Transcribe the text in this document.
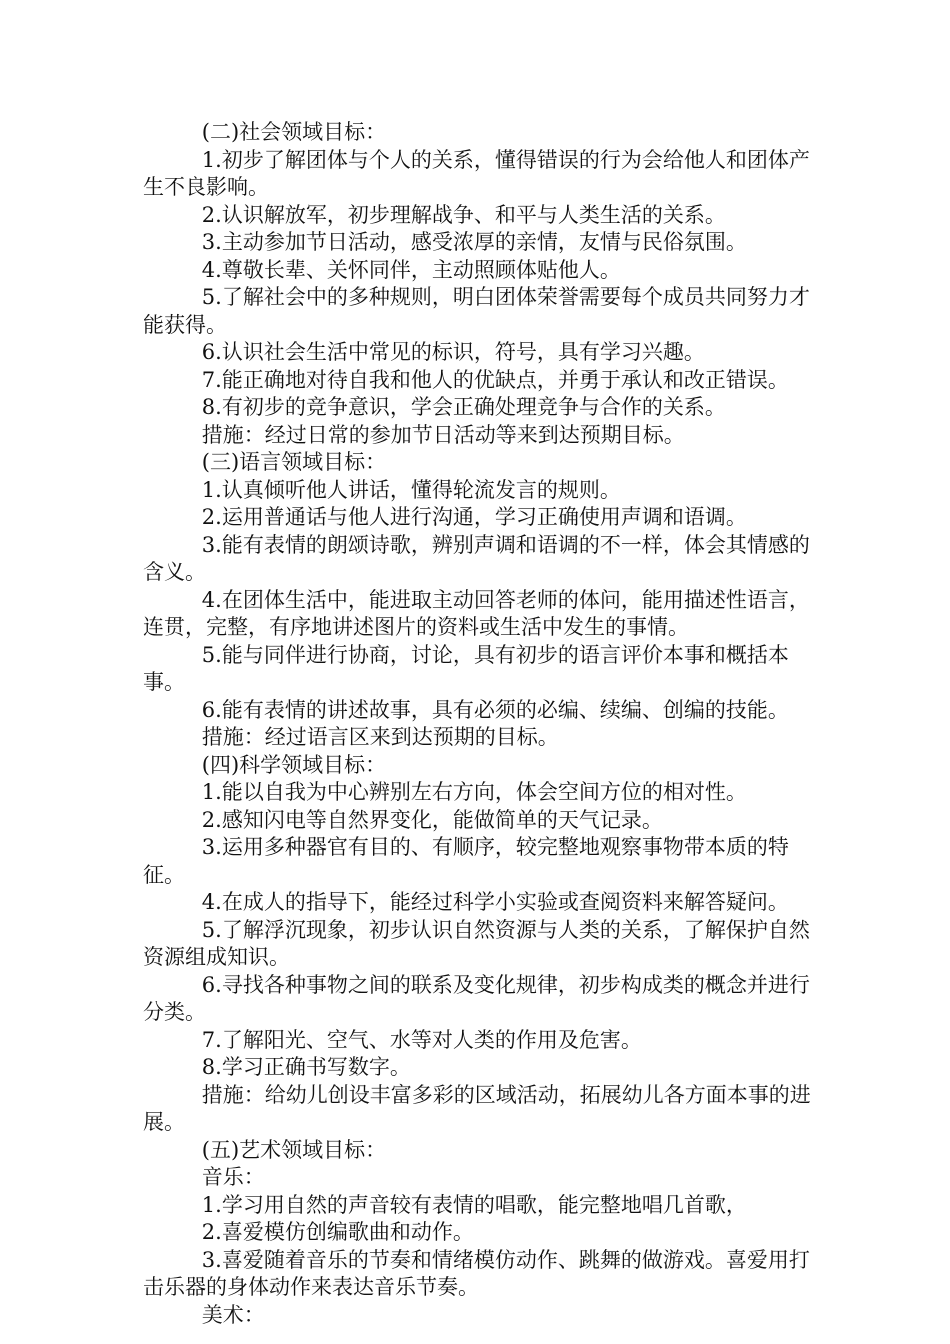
(二)社会领域目标：

1.初步了解团体与个人的关系，懂得错误的行为会给他人和团体产生不良影响。

2.认识解放军，初步理解战争、和平与人类生活的关系。

3.主动参加节日活动，感受浓厚的亲情，友情与民俗氛围。

4.尊敬长辈、关怀同伴，主动照顾体贴他人。

5.了解社会中的多种规则，明白团体荣誉需要每个成员共同努力才能获得。

6.认识社会生活中常见的标识，符号，具有学习兴趣。

7.能正确地对待自我和他人的优缺点，并勇于承认和改正错误。

8.有初步的竞争意识，学会正确处理竞争与合作的关系。

措施：经过日常的参加节日活动等来到达预期目标。

(三)语言领域目标：

1.认真倾听他人讲话，懂得轮流发言的规则。

2.运用普通话与他人进行沟通，学习正确使用声调和语调。

3.能有表情的朗颂诗歌，辨别声调和语调的不一样，体会其情感的含义。

4.在团体生活中，能进取主动回答老师的体问，能用描述性语言，连贯，完整，有序地讲述图片的资料或生活中发生的事情。

5.能与同伴进行协商，讨论，具有初步的语言评价本事和概括本事。

6.能有表情的讲述故事，具有必须的必编、续编、创编的技能。

措施：经过语言区来到达预期的目标。

(四)科学领域目标：

1.能以自我为中心辨别左右方向，体会空间方位的相对性。

2.感知闪电等自然界变化，能做简单的天气记录。

3.运用多种器官有目的、有顺序，较完整地观察事物带本质的特征。

4.在成人的指导下，能经过科学小实验或查阅资料来解答疑问。

5.了解浮沉现象，初步认识自然资源与人类的关系，了解保护自然资源组成知识。

6.寻找各种事物之间的联系及变化规律，初步构成类的概念并进行分类。

7.了解阳光、空气、水等对人类的作用及危害。

8.学习正确书写数字。

措施：给幼儿创设丰富多彩的区域活动，拓展幼儿各方面本事的进展。

(五)艺术领域目标：

音乐：

1.学习用自然的声音较有表情的唱歌，能完整地唱几首歌，

2.喜爱模仿创编歌曲和动作。

3.喜爱随着音乐的节奏和情绪模仿动作、跳舞的做游戏。喜爱用打击乐器的身体动作来表达音乐节奏。

美术：
